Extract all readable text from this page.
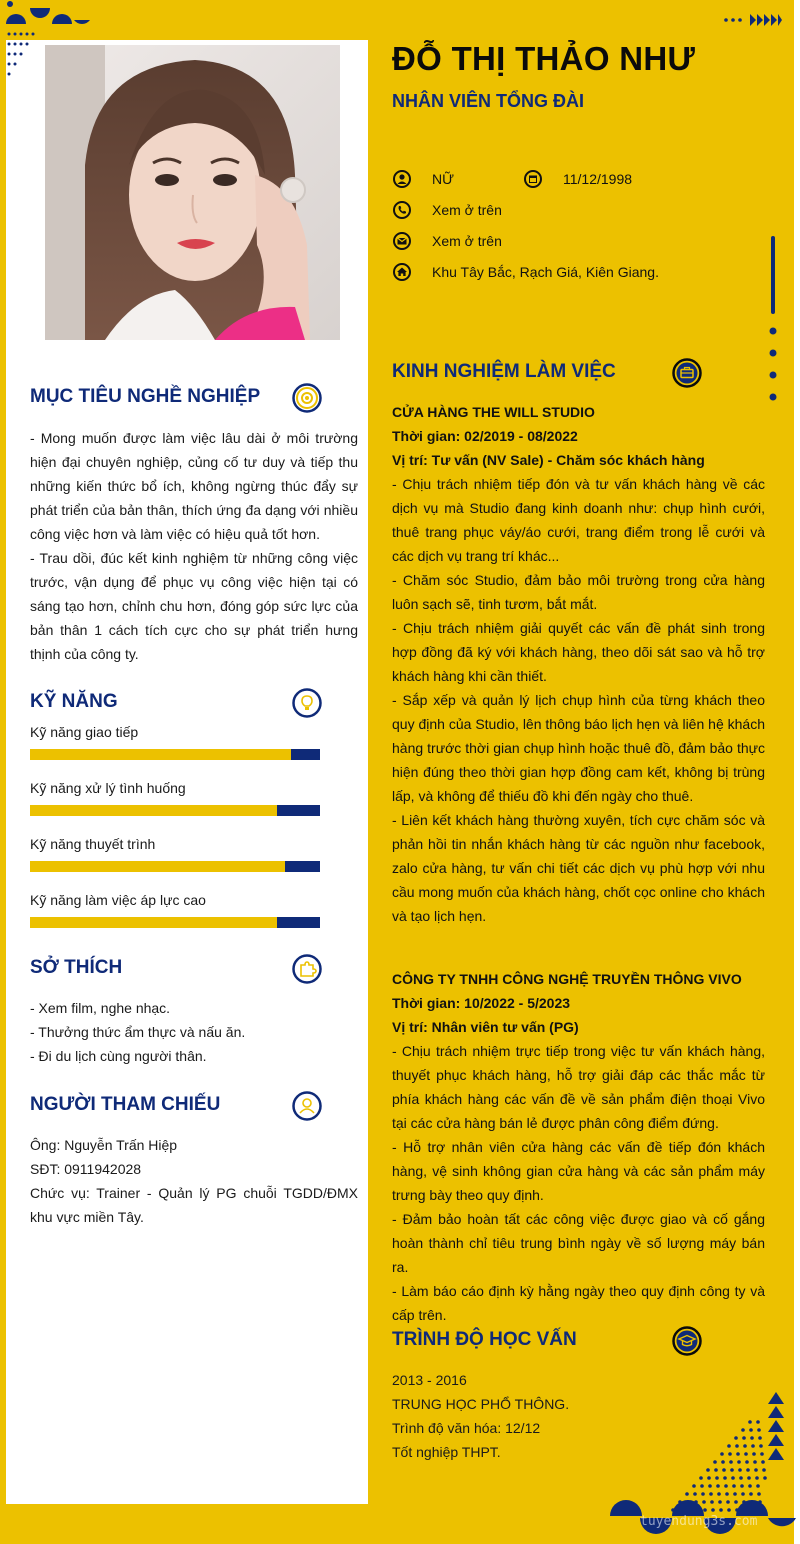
ĐỖ THỊ THẢO NHƯ
NHÂN VIÊN TỔNG ĐÀI
NỮ	11/12/1998
Xem ở trên
Xem ở trên
Khu Tây Bắc, Rạch Giá, Kiên Giang.
MỤC TIÊU NGHỀ NGHIỆP

- Mong muốn được làm việc lâu dài ở môi trường hiện đại chuyên nghiệp, củng cố tư duy và tiếp thu những kiến thức bổ ích, không ngừng thúc đẩy sự phát triển của bản thân, thích ứng đa dạng với nhiều công việc hơn và làm việc có hiệu quả tốt hơn.

- Trau dồi, đúc kết kinh nghiệm từ những công việc trước, vận dụng để phục vụ công việc hiện tại có sáng tạo hơn, chỉnh chu hơn, đóng góp sức lực của bản thân 1 cách tích cực cho sự phát triển hưng thịnh của công ty.

KỸ NĂNG
Kỹ năng giao tiếp
Kỹ năng xử lý tình huống
Kỹ năng thuyết trình
Kỹ năng làm việc áp lực cao
SỞ THÍCH
- Xem film, nghe nhạc.
- Thưởng thức ẩm thực và nấu ăn.
- Đi du lịch cùng người thân.
NGƯỜI THAM CHIẾU

Ông: Nguyễn Trấn Hiệp

SĐT: 0911942028

Chức vụ: Trainer - Quản lý PG chuỗi TGDD/ĐMX khu vực miền Tây.

KINH NGHIỆM LÀM VIỆC

CỬA HÀNG THE WILL STUDIO

Thời gian: 02/2019 - 08/2022

Vị trí: Tư vấn (NV Sale) - Chăm sóc khách hàng

- Chịu trách nhiệm tiếp đón và tư vấn khách hàng về các dịch vụ mà Studio đang kinh doanh như: chụp hình cưới, thuê trang phục váy/áo cưới, trang điểm trong lễ cưới và các dịch vụ trang trí khác...

- Chăm sóc Studio, đảm bảo môi trường trong cửa hàng luôn sạch sẽ, tinh tươm, bắt mắt.

- Chịu trách nhiệm giải quyết các vấn đề phát sinh trong hợp đồng đã ký với khách hàng, theo dõi sát sao và hỗ trợ khách hàng khi cần thiết.

- Sắp xếp và quản lý lịch chụp hình của từng khách theo quy định của Studio, lên thông báo lịch hẹn và liên hệ khách hàng trước thời gian chụp hình hoặc thuê đồ, đảm bảo thực hiện đúng theo thời gian hợp đồng cam kết, không bị trùng lấp, và không để thiếu đồ khi đến ngày cho thuê.

- Liên kết khách hàng thường xuyên, tích cực chăm sóc và phản hồi tin nhắn khách hàng từ các nguồn như facebook, zalo cửa hàng, tư vấn chi tiết các dịch vụ phù hợp với nhu cầu mong muốn của khách hàng, chốt cọc online cho khách và tạo lịch hẹn.

CÔNG TY TNHH CÔNG NGHỆ TRUYỀN THÔNG VIVO

Thời gian: 10/2022 - 5/2023

Vị trí: Nhân viên tư vấn (PG)

- Chịu trách nhiệm trực tiếp trong việc tư vấn khách hàng, thuyết phục khách hàng, hỗ trợ giải đáp các thắc mắc từ phía khách hàng các vấn đề về sản phẩm điện thoại Vivo tại các cửa hàng bán lẻ được phân công điểm đứng.

- Hỗ trợ nhân viên cửa hàng các vấn đề tiếp đón khách hàng, vệ sinh không gian cửa hàng và các sản phẩm máy trưng bày theo quy định.

- Đảm bảo hoàn tất các công việc được giao và cố gắng hoàn thành chỉ tiêu trung bình ngày về số lượng máy bán ra.

- Làm báo cáo định kỳ hằng ngày theo quy định công ty và cấp trên.

TRÌNH ĐỘ HỌC VẤN
2013 - 2016
TRUNG HỌC PHỔ THÔNG.
Trình độ văn hóa: 12/12
Tốt nghiệp THPT.
tuyendung3s.com
